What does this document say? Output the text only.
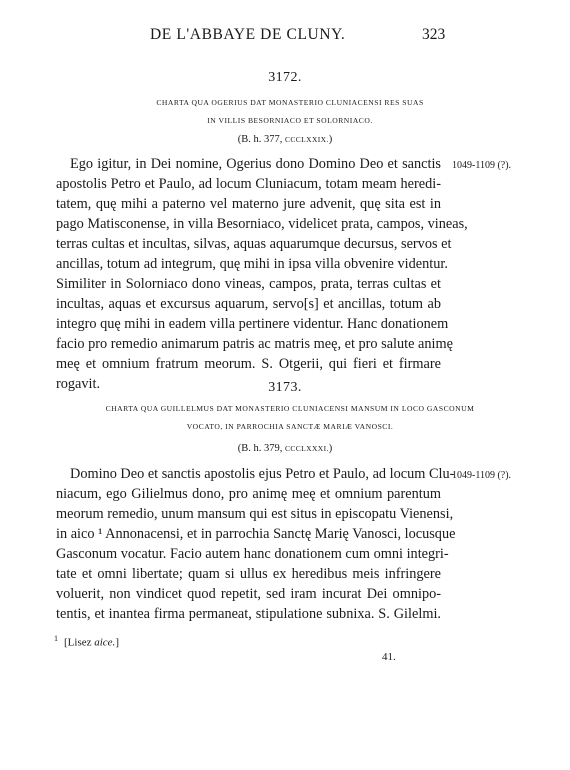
DE L'ABBAYE DE CLUNY.	323
3172.
CHARTA QUA OGERIUS DAT MONASTERIO CLUNIACENSI RES SUAS
IN VILLIS BESORNIACO ET SOLORNIACO.
(B. h. 377, CCCLXXIX.)
1049-1109 (?).
Ego igitur, in Dei nomine, Ogerius dono Domino Deo et sanctis
apostolis Petro et Paulo, ad locum Cluniacum, totam meam heredi-
tatem, quę mihi a paterno vel materno jure advenit, quę sita est in
pago Matisconense, in villa Besorniaco, videlicet prata, campos, vineas,
terras cultas et incultas, silvas, aquas aquarumque decursus, servos et
ancillas, totum ad integrum, quę mihi in ipsa villa obvenire videntur.
Similiter in Solorniaco dono vineas, campos, prata, terras cultas et
incultas, aquas et excursus aquarum, servo[s] et ancillas, totum ab
integro quę mihi in eadem villa pertinere videntur. Hanc donationem
facio pro remedio animarum patris ac matris meę, et pro salute animę
meę et omnium fratrum meorum. S. Otgerii, qui fieri et firmare
rogavit.	3173.
CHARTA QUA GUILLELMUS DAT MONASTERIO CLUNIACENSI MANSUM IN LOCO GASCONUM
VOCATO, IN PARROCHIA SANCTÆ MARIÆ VANOSCI.
(B. h. 379, CCCLXXXI.)
1049-1109 (?).
Domino Deo et sanctis apostolis ejus Petro et Paulo, ad locum Clu-
niacum, ego Gilielmus dono, pro animę meę et omnium parentum
meorum remedio, unum mansum qui est situs in episcopatu Vienensi,
in aico ¹ Annonacensi, et in parrochia Sanctę Marię Vanosci, locusque
Gasconum vocatur. Facio autem hanc donationem cum omni integri-
tate et omni libertate; quam si ullus ex heredibus meis infringere
voluerit, non vindicet quod repetit, sed iram incurat Dei omnipo-
tentis, et inantea firma permaneat, stipulatione subnixa. S. Gilelmi.
$^1$ [Lisez aice.]
41.
